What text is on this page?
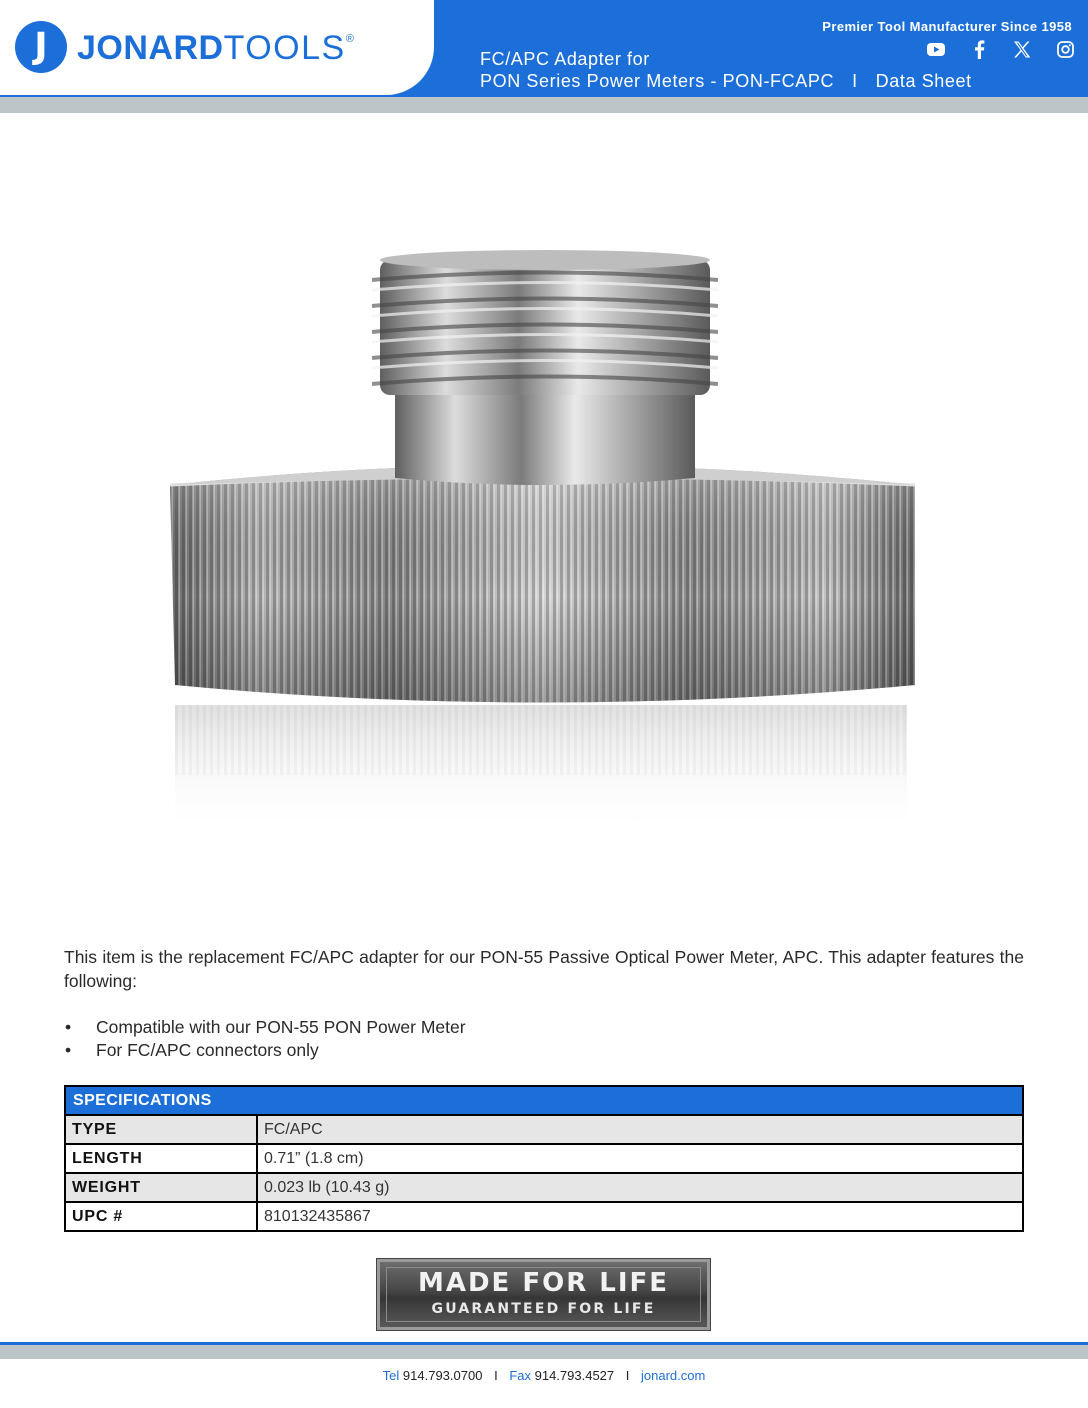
J JONARDTOOLS®
Premier Tool Manufacturer Since 1958
FC/APC Adapter for
PON Series Power Meters - PON-FCAPC I Data Sheet

This item is the replacement FC/APC adapter for our PON-55 Passive Optical Power Meter, APC. This adapter features the following:

• Compatible with our PON-55 PON Power Meter
• For FC/APC connectors only
SPECIFICATIONS	
TYPE	FC/APC
LENGTH	0.71” (1.8 cm)
WEIGHT	0.023 lb (10.43 g)
UPC #	810132435867
MADE FOR LIFE
GUARANTEED FOR LIFE
Tel 914.793.0700 I Fax 914.793.4527 I jonard.com
